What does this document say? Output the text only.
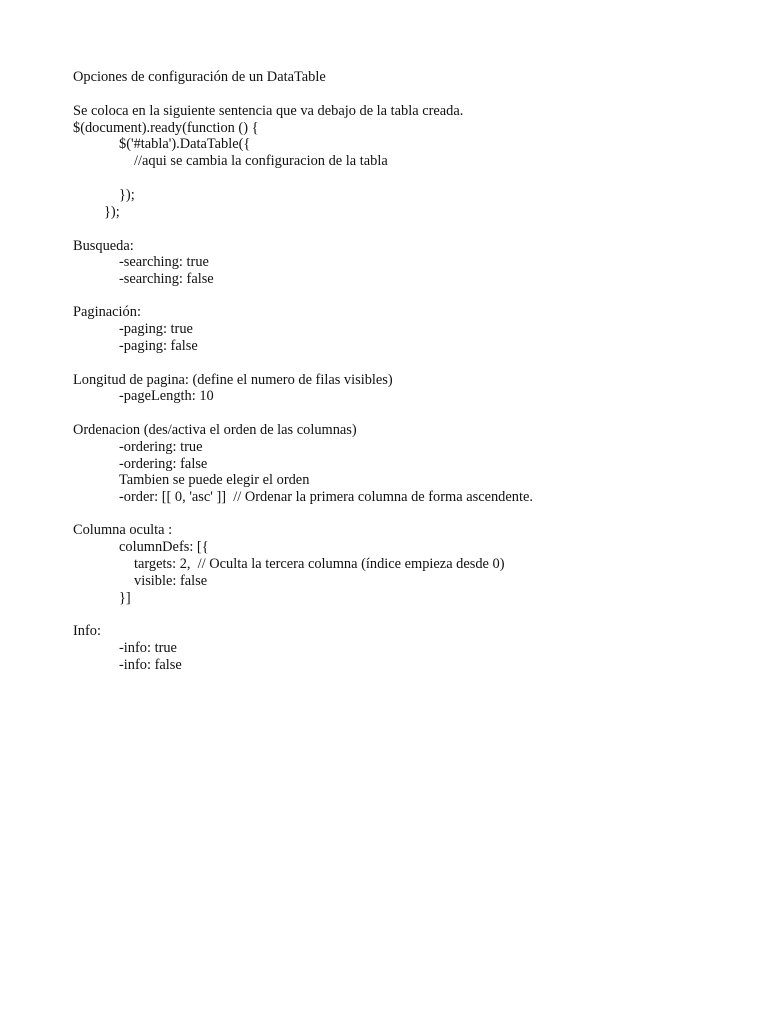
Opciones de configuración de un DataTable
Se coloca en la siguiente sentencia que va debajo de la tabla creada.
$(document).ready(function () {
$('#tabla').DataTable({
//aqui se cambia la configuracion de la tabla
});
});
Busqueda:
-searching: true
-searching: false
Paginación:
-paging: true
-paging: false
Longitud de pagina: (define el numero de filas visibles)
-pageLength: 10
Ordenacion (des/activa el orden de las columnas)
-ordering: true
-ordering: false
Tambien se puede elegir el orden
-order: [[ 0, 'asc' ]]  // Ordenar la primera columna de forma ascendente.
Columna oculta :
columnDefs: [{
targets: 2,  // Oculta la tercera columna (índice empieza desde 0)
visible: false
}]
Info:
-info: true
-info: false
